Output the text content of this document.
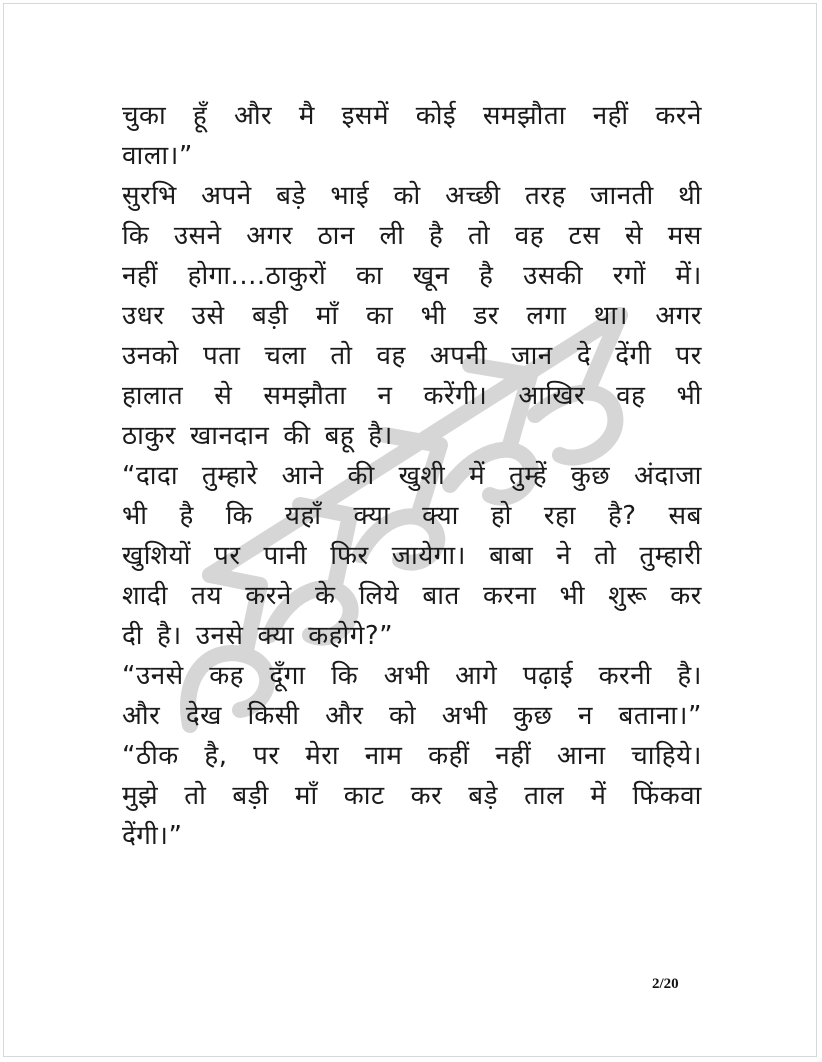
चुका हूँ और मै इसमें कोई समझौता नहीं करने
वाला।”
सुरभि अपने बड़े भाई को अच्छी तरह जानती थी
कि उसने अगर ठान ली है तो वह टस से मस
नहीं होगा....ठाकुरों का खून है उसकी रगों में।
उधर उसे बड़ी माँ का भी डर लगा था। अगर
उनको पता चला तो वह अपनी जान दे देंगी पर
हालात से समझौता न करेंगी। आखिर वह भी
ठाकुर खानदान की बहू है।
“दादा तुम्हारे आने की खुशी में तुम्हें कुछ अंदाजा
भी है कि यहाँ क्या क्या हो रहा है? सब
खुशियों पर पानी फिर जायेगा। बाबा ने तो तुम्हारी
शादी तय करने के लिये बात करना भी शुरू कर
दी है। उनसे क्या कहोगे?”
“उनसे कह दूँगा कि अभी आगे पढ़ाई करनी है।
और देख किसी और को अभी कुछ न बताना।”
“ठीक है, पर मेरा नाम कहीं नहीं आना चाहिये।
मुझे तो बड़ी माँ काट कर बड़े ताल में फिंकवा
देंगी।”
2/20
